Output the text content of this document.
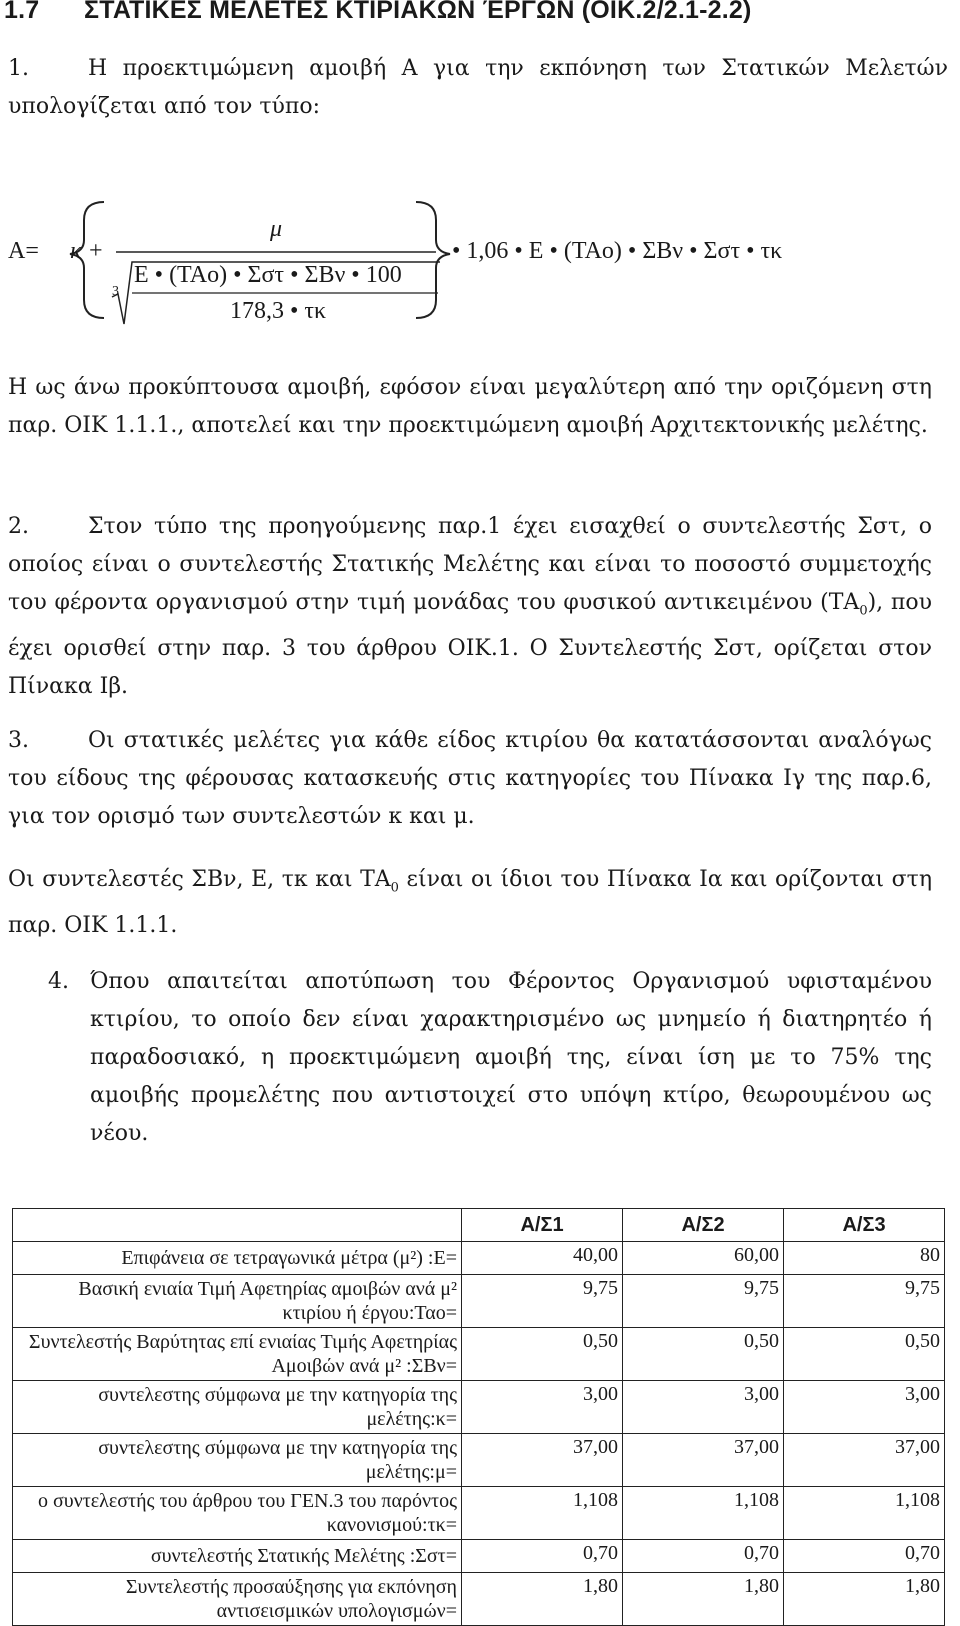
1.7 ΣΤΑΤΙΚΕΣ ΜΕΛΕΤΕΣ ΚΤΙΡΙΑΚΩΝ ΈΡΓΩΝ (ΟΙΚ.2/2.1-2.2)

1.	Η προεκτιμώμενη αμοιβή Α για την εκπόνηση των Στατικών Μελετών υπολογίζεται από τον τύπο:

Α= κ +
μ
Ε • (ΤΑο) • Σστ • ΣΒν • 100
3
178,3 • τκ
• 1,06 • Ε • (ΤΑο) • ΣΒν • Σστ • τκ

Η ως άνω προκύπτουσα αμοιβή, εφόσον είναι μεγαλύτερη από την οριζόμενη στη παρ. ΟΙΚ 1.1.1., αποτελεί και την προεκτιμώμενη αμοιβή Αρχιτεκτονικής μελέτης.

2.	Στον τύπο της προηγούμενης παρ.1 έχει εισαχθεί ο συντελεστής Σστ, ο οποίος είναι ο συντελεστής Στατικής Μελέτης και είναι το ποσοστό συμμετοχής του φέροντα οργανισμού στην τιμή μονάδας του φυσικού αντικειμένου $(TA_0)$, που έχει ορισθεί στην παρ. 3 του άρθρου ΟΙΚ.1. Ο Συντελεστής Σστ, ορίζεται στον Πίνακα Ιβ.

3.	Οι στατικές μελέτες για κάθε είδος κτιρίου θα κατατάσσονται αναλόγως του είδους της φέρουσας κατασκευής στις κατηγορίες του Πίνακα Ιγ της παρ.6, για τον ορισμό των συντελεστών κ και μ.

Οι συντελεστές ΣΒν, Ε, τκ και $TA_0$ είναι οι ίδιοι του Πίνακα Ια και ορίζονται στη παρ. ΟΙΚ 1.1.1.

4. Όπου απαιτείται αποτύπωση του Φέροντος Οργανισμού υφισταμένου κτιρίου, το οποίο δεν είναι χαρακτηρισμένο ως μνημείο ή διατηρητέο ή παραδοσιακό, η προεκτιμώμενη αμοιβή της, είναι ίση με το 75% της αμοιβής προμελέτης που αντιστοιχεί στο υπόψη κτίρο, θεωρουμένου ως νέου.

	Α/Σ1	Α/Σ2	Α/Σ3
Επιφάνεια σε τετραγωνικά μέτρα (μ²) :Ε=	40,00	60,00	80
Βασική ενιαία Τιμή Αφετηρίας αμοιβών ανά μ² κτιρίου ή έργου:Ταο=	9,75	9,75	9,75
Συντελεστής Βαρύτητας επί ενιαίας Τιμής Αφετηρίας Αμοιβών ανά μ² :ΣΒν=	0,50	0,50	0,50
συντελεστης σύμφωνα με την κατηγορία της μελέτης:κ=	3,00	3,00	3,00
συντελεστης σύμφωνα με την κατηγορία της μελέτης:μ=	37,00	37,00	37,00
ο συντελεστής του άρθρου του ΓΕΝ.3 του παρόντος κανονισμού:τκ=	1,108	1,108	1,108
συντελεστής Στατικής Μελέτης :Σστ=	0,70	0,70	0,70
Συντελεστής προσαύξησης για εκπόνηση αντισεισμικών υπολογισμών=	1,80	1,80	1,80
